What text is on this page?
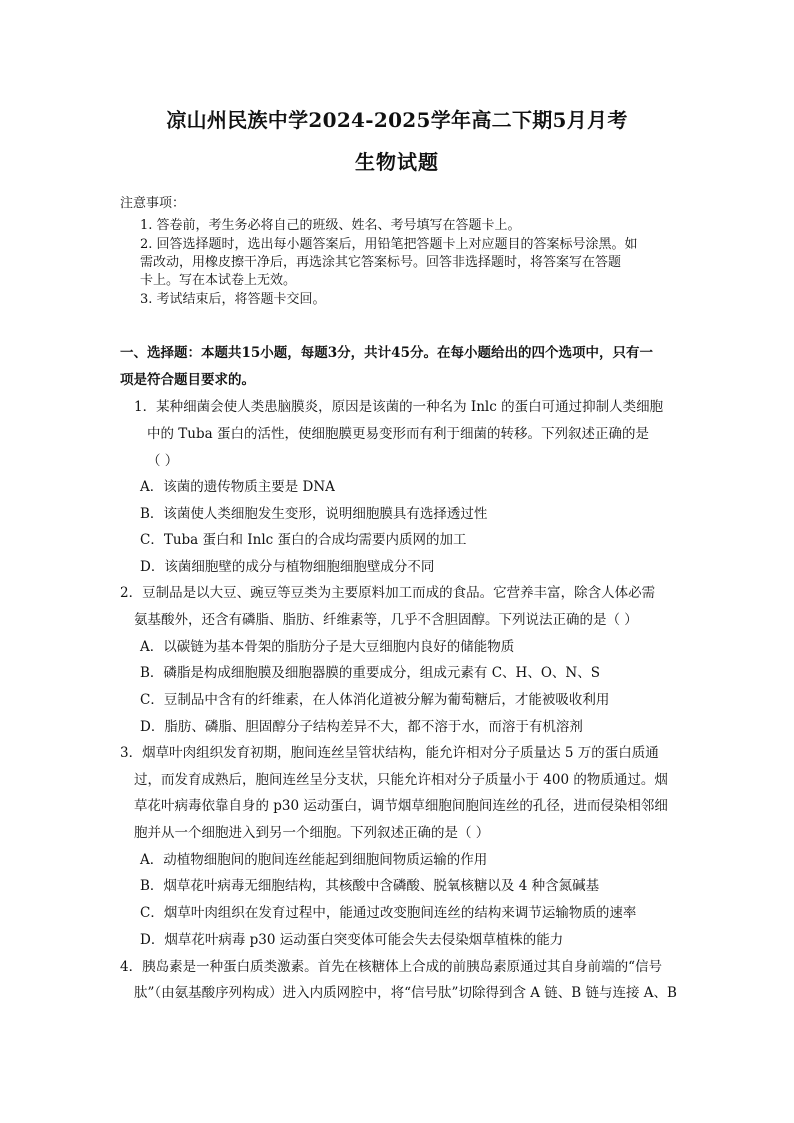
凉山州民族中学2024-2025学年高二下期5月月考
生物试题
注意事项：
1. 答卷前，考生务必将自己的班级、姓名、考号填写在答题卡上。
2. 回答选择题时，选出每小题答案后，用铅笔把答题卡上对应题目的答案标号涂黑。如
需改动，用橡皮擦干净后，再选涂其它答案标号。回答非选择题时，将答案写在答题
卡上。写在本试卷上无效。
3. 考试结束后，将答题卡交回。
一、选择题：本题共15小题，每题3分，共计45分。在每小题给出的四个选项中，只有一
项是符合题目要求的。
1．某种细菌会使人类患脑膜炎，原因是该菌的一种名为 Inlc 的蛋白可通过抑制人类细胞
中的 Tuba 蛋白的活性，使细胞膜更易变形而有利于细菌的转移。下列叙述正确的是
（ ）
A．该菌的遗传物质主要是 DNA
B．该菌使人类细胞发生变形，说明细胞膜具有选择透过性
C．Tuba 蛋白和 Inlc 蛋白的合成均需要内质网的加工
D．该菌细胞壁的成分与植物细胞细胞壁成分不同
2．豆制品是以大豆、豌豆等豆类为主要原料加工而成的食品。它营养丰富，除含人体必需
氨基酸外，还含有磷脂、脂肪、纤维素等，几乎不含胆固醇。下列说法正确的是（ ）
A．以碳链为基本骨架的脂肪分子是大豆细胞内良好的储能物质
B．磷脂是构成细胞膜及细胞器膜的重要成分，组成元素有 C、H、O、N、S
C．豆制品中含有的纤维素，在人体消化道被分解为葡萄糖后，才能被吸收利用
D．脂肪、磷脂、胆固醇分子结构差异不大，都不溶于水，而溶于有机溶剂
3．烟草叶肉组织发育初期，胞间连丝呈管状结构，能允许相对分子质量达 5 万的蛋白质通
过，而发育成熟后，胞间连丝呈分支状，只能允许相对分子质量小于 400 的物质通过。烟
草花叶病毒依靠自身的 p30 运动蛋白，调节烟草细胞间胞间连丝的孔径，进而侵染相邻细
胞并从一个细胞进入到另一个细胞。下列叙述正确的是（ ）
A．动植物细胞间的胞间连丝能起到细胞间物质运输的作用
B．烟草花叶病毒无细胞结构，其核酸中含磷酸、脱氧核糖以及 4 种含氮碱基
C．烟草叶肉组织在发育过程中，能通过改变胞间连丝的结构来调节运输物质的速率
D．烟草花叶病毒 p30 运动蛋白突变体可能会失去侵染烟草植株的能力
4．胰岛素是一种蛋白质类激素。首先在核糖体上合成的前胰岛素原通过其自身前端的“信号
肽”（由氨基酸序列构成）进入内质网腔中，将“信号肽”切除得到含 A 链、B 链与连接 A、B
